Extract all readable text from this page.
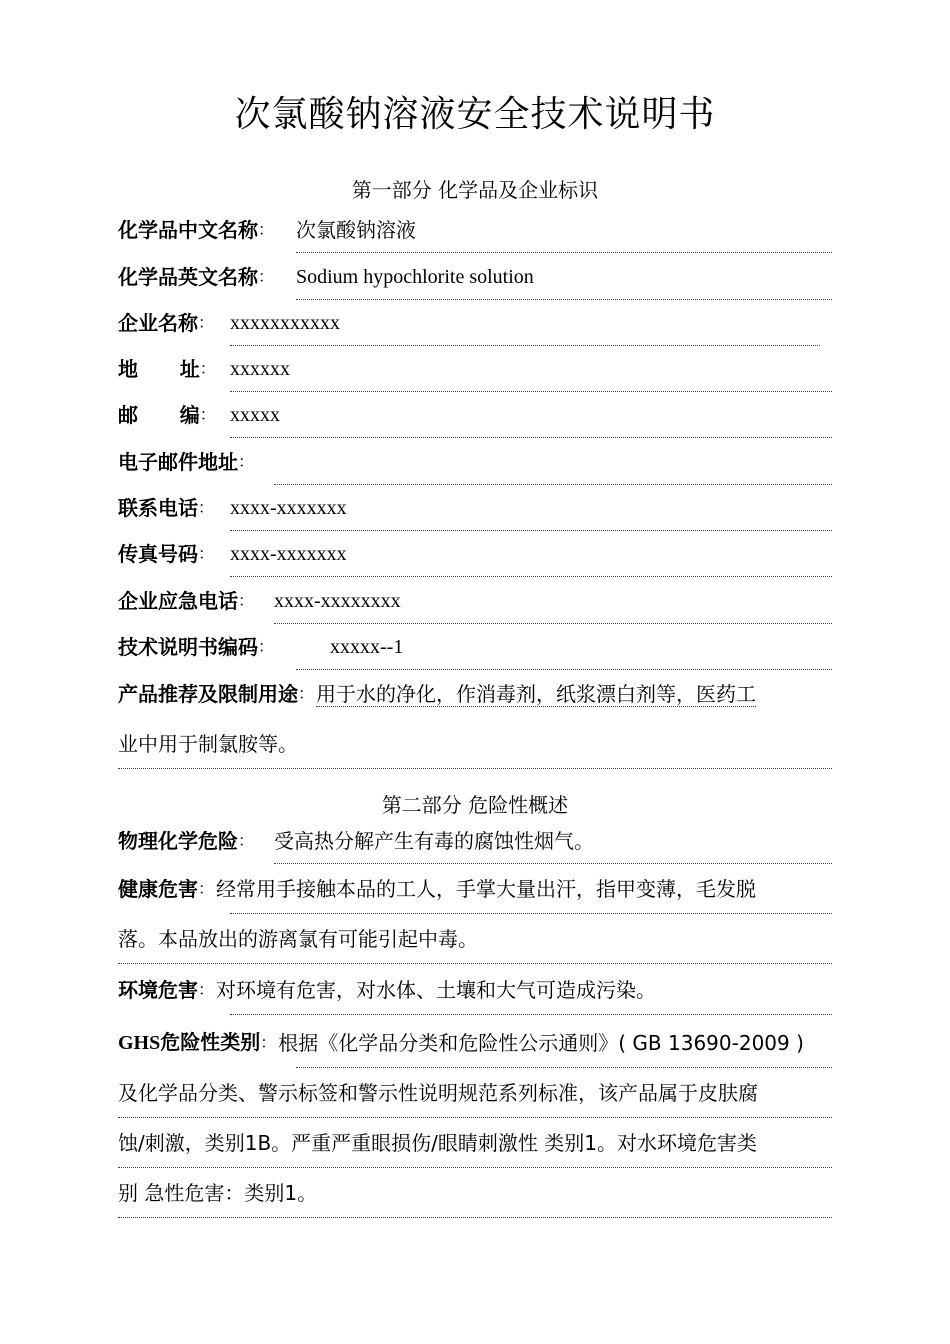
次氯酸钠溶液安全技术说明书
第一部分 化学品及企业标识
化学品中文名称： 次氯酸钠溶液
化学品英文名称： Sodium hypochlorite solution
企业名称： xxxxxxxxxxx
地      址： xxxxxx
邮      编： xxxxx
电子邮件地址：
联系电话： xxxx-xxxxxxx
传真号码： xxxx-xxxxxxx
企业应急电话： xxxx-xxxxxxxx
技术说明书编码：	xxxxx--1
产品推荐及限制用途： 用于水的净化，作消毒剂，纸浆漂白剂等，医药工
业中用于制氯胺等。
第二部分 危险性概述
物理化学危险： 受高热分解产生有毒的腐蚀性烟气。
健康危害： 经常用手接触本品的工人，手掌大量出汗，指甲变薄，毛发脱
落。本品放出的游离氯有可能引起中毒。
环境危害： 对环境有危害，对水体、土壤和大气可造成污染。
GHS危险性类别： 根据《化学品分类和危险性公示通则》( GB 13690-2009 )
及化学品分类、警示标签和警示性说明规范系列标准，该产品属于皮肤腐
蚀/刺激，类别1B。严重严重眼损伤/眼睛刺激性 类别1。对水环境危害类
别 急性危害：类别1。
